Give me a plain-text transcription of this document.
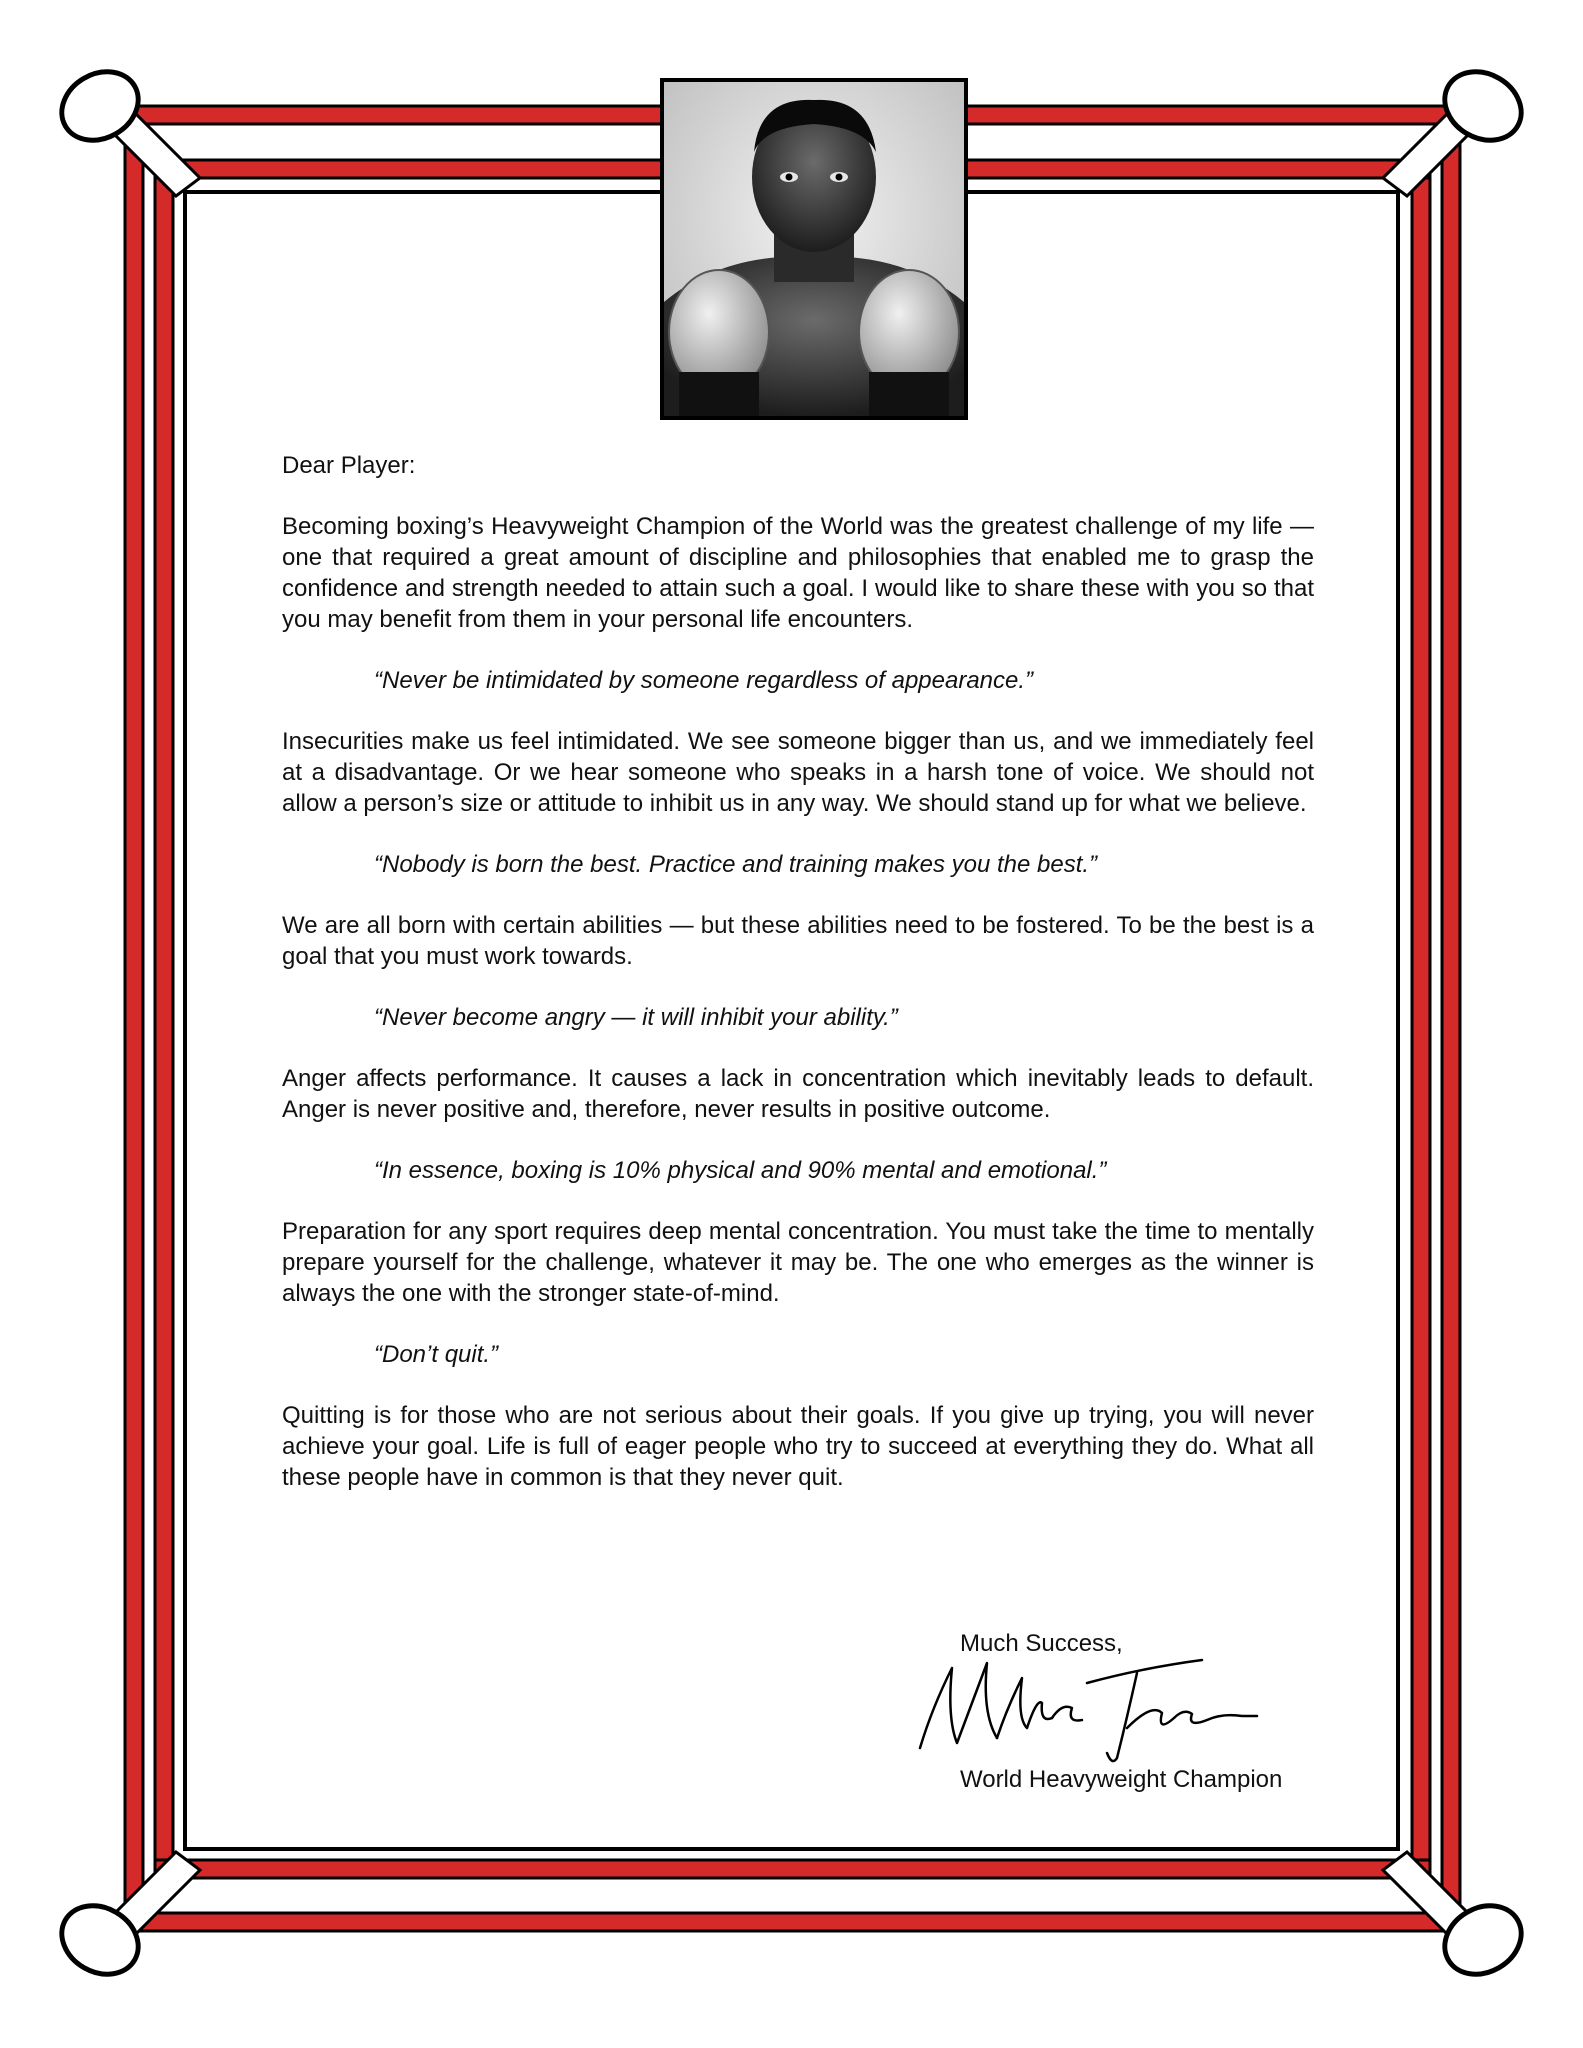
Dear Player:

Becoming boxing’s Heavyweight Champion of the World was the greatest challenge of my life — one that required a great amount of discipline and philosophies that enabled me to grasp the confidence and strength needed to attain such a goal. I would like to share these with you so that you may benefit from them in your personal life encounters.

“Never be intimidated by someone regardless of appearance.”

Insecurities make us feel intimidated. We see someone bigger than us, and we immediately feel at a disadvantage. Or we hear someone who speaks in a harsh tone of voice. We should not allow a person’s size or attitude to inhibit us in any way. We should stand up for what we believe.

“Nobody is born the best. Practice and training makes you the best.”

We are all born with certain abilities — but these abilities need to be fostered. To be the best is a goal that you must work towards.

“Never become angry — it will inhibit your ability.”

Anger affects performance. It causes a lack in concentration which inevitably leads to default. Anger is never positive and, therefore, never results in positive outcome.

“In essence, boxing is 10% physical and 90% mental and emotional.”

Preparation for any sport requires deep mental concentration. You must take the time to mentally prepare yourself for the challenge, whatever it may be. The one who emerges as the winner is always the one with the stronger state-of-mind.

“Don’t quit.”

Quitting is for those who are not serious about their goals. If you give up trying, you will never achieve your goal. Life is full of eager people who try to succeed at everything they do. What all these people have in common is that they never quit.

Much Success,
World Heavyweight Champion
